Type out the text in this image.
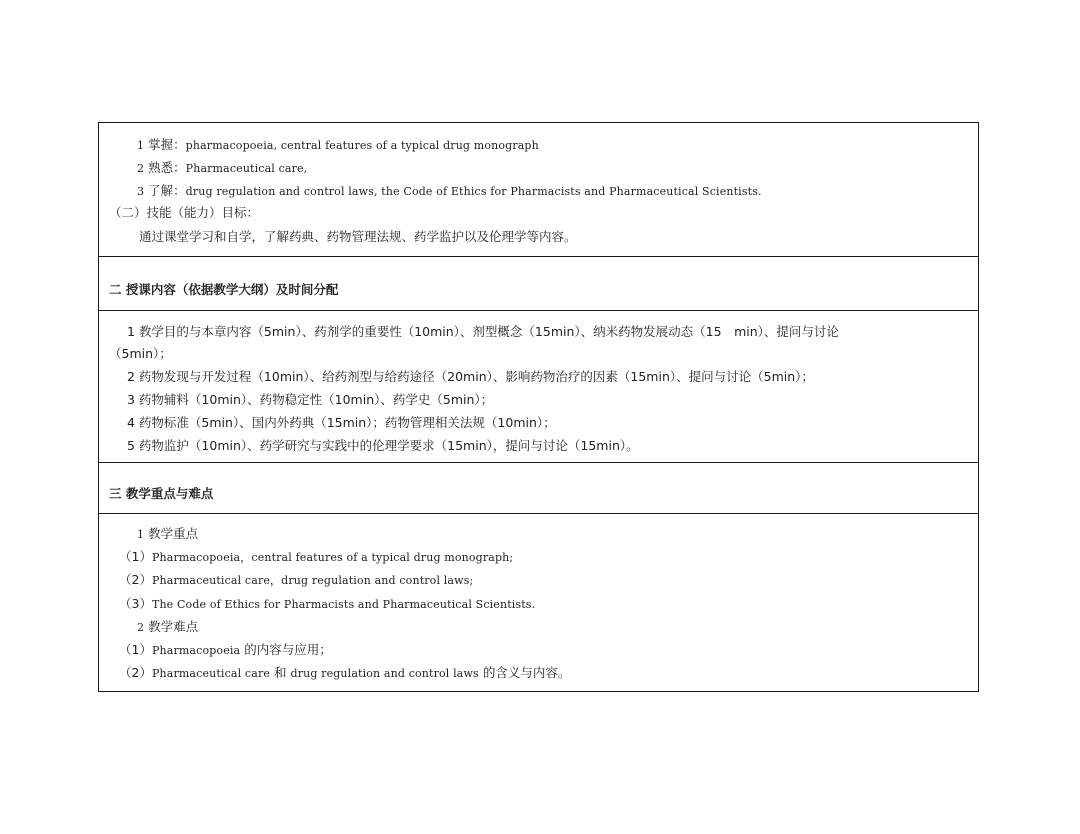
1 掌握：pharmacopoeia, central features of a typical drug monograph
2 熟悉：Pharmaceutical care,
3 了解：drug regulation and control laws, the Code of Ethics for Pharmacists and Pharmaceutical Scientists.
（二）技能（能力）目标：
通过课堂学习和自学，了解药典、药物管理法规、药学监护以及伦理学等内容。
二 授课内容（依据教学大纲）及时间分配
1 教学目的与本章内容（5min）、药剂学的重要性（10min）、剂型概念（15min）、纳米药物发展动态（15　min）、提问与讨论
（5min）；
2 药物发现与开发过程（10min）、给药剂型与给药途径（20min）、影响药物治疗的因素（15min）、提问与讨论（5min）；
3 药物辅料（10min）、药物稳定性（10min）、药学史（5min）；
4 药物标准（5min）、国内外药典（15min）；药物管理相关法规（10min）；
5 药物监护（10min）、药学研究与实践中的伦理学要求（15min），提问与讨论（15min）。
三 教学重点与难点
1 教学重点
（1）Pharmacopoeia，central features of a typical drug monograph;
（2）Pharmaceutical care，drug regulation and control laws;
（3）The Code of Ethics for Pharmacists and Pharmaceutical Scientists.
2 教学难点
（1）Pharmacopoeia 的内容与应用；
（2）Pharmaceutical care 和 drug regulation and control laws 的含义与内容。
